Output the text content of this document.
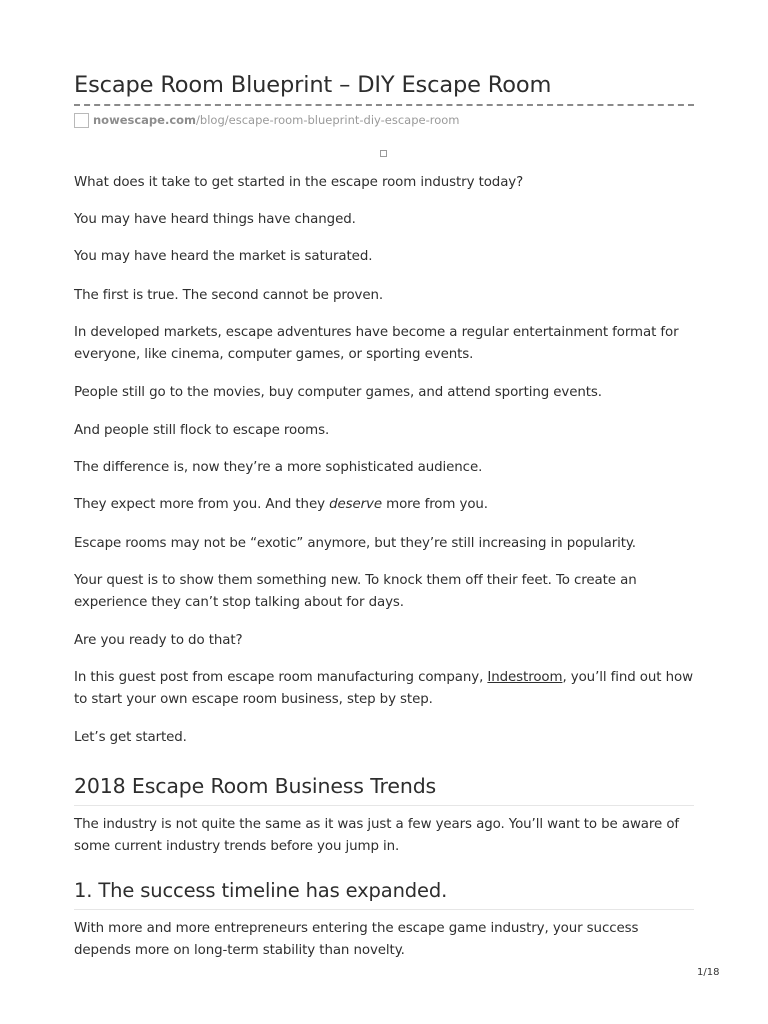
Escape Room Blueprint – DIY Escape Room
nowescape.com/blog/escape-room-blueprint-diy-escape-room

What does it take to get started in the escape room industry today?

You may have heard things have changed.

You may have heard the market is saturated.

The first is true. The second cannot be proven.

In developed markets, escape adventures have become a regular entertainment format for everyone, like cinema, computer games, or sporting events.

People still go to the movies, buy computer games, and attend sporting events.

And people still flock to escape rooms.

The difference is, now they’re a more sophisticated audience.

They expect more from you. And they deserve more from you.

Escape rooms may not be “exotic” anymore, but they’re still increasing in popularity.

Your quest is to show them something new. To knock them off their feet. To create an experience they can’t stop talking about for days.

Are you ready to do that?

In this guest post from escape room manufacturing company, Indestroom, you’ll find out how to start your own escape room business, step by step.

Let’s get started.

2018 Escape Room Business Trends

The industry is not quite the same as it was just a few years ago. You’ll want to be aware of some current industry trends before you jump in.

1. The success timeline has expanded.

With more and more entrepreneurs entering the escape game industry, your success depends more on long-term stability than novelty.

1/18
